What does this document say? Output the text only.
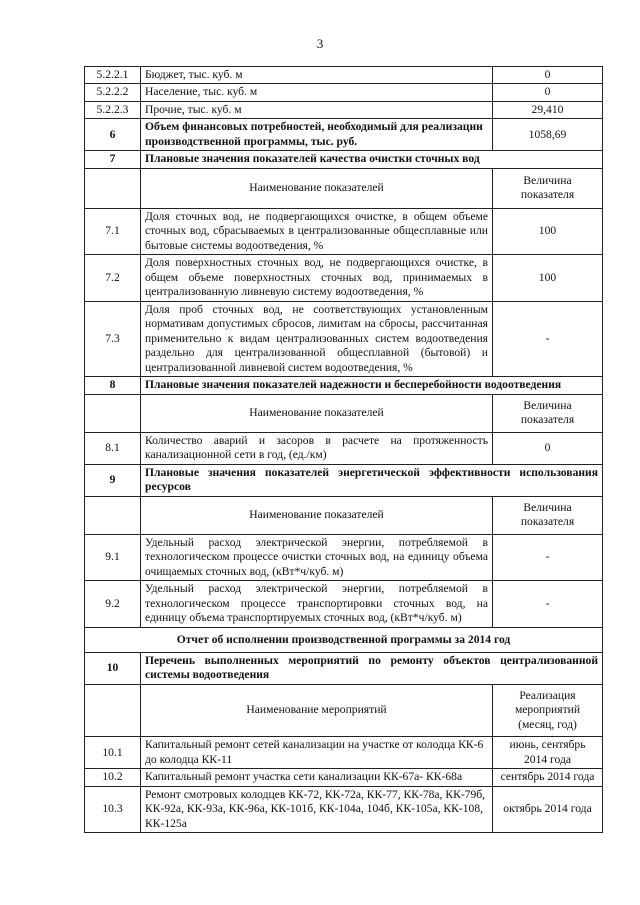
3
5.2.2.1	Бюджет, тыс. куб. м	0
5.2.2.2	Население, тыс. куб. м	0
5.2.2.3	Прочие, тыс. куб. м	29,410
6	Объем финансовых потребностей, необходимый для реализации производственной программы, тыс. руб.	1058,69
7	Плановые значения показателей качества очистки сточных вод	
	Наименование показателей	Величина показателя
7.1	Доля сточных вод, не подвергающихся очистке, в общем объеме сточных вод, сбрасываемых в централизованные общесплавные или бытовые системы водоотведения, %	100
7.2	Доля поверхностных сточных вод, не подвергающихся очистке, в общем объеме поверхностных сточных вод, принимаемых в централизованную ливневую систему водоотведения, %	100
7.3	Доля проб сточных вод, не соответствующих установленным нормативам допустимых сбросов, лимитам на сбросы, рассчитанная применительно к видам централизованных систем водоотведения раздельно для централизованной общесплавной (бытовой) и централизованной ливневой систем водоотведения, %	-
8	Плановые значения показателей надежности и бесперебойности водоотведения	
	Наименование показателей	Величина показателя
8.1	Количество аварий и засоров в расчете на протяженность канализационной сети в год, (ед./км)	0
9	Плановые значения показателей энергетической эффективности использования ресурсов	
	Наименование показателей	Величина показателя
9.1	Удельный расход электрической энергии, потребляемой в технологическом процессе очистки сточных вод, на единицу объема очищаемых сточных вод, (кВт*ч/куб. м)	-
9.2	Удельный расход электрической энергии, потребляемой в технологическом процессе транспортировки сточных вод, на единицу объема транспортируемых сточных вод, (кВт*ч/куб. м)	-
Отчет об исполнении производственной программы за 2014 год		
10	Перечень выполненных мероприятий по ремонту объектов централизованной системы водоотведения	
	Наименование мероприятий	Реализация мероприятий (месяц, год)
10.1	Капитальный ремонт сетей канализации на участке от колодца КК-6 до колодца КК-11	июнь, сентябрь 2014 года
10.2	Капитальный ремонт участка сети канализации КК-67а- КК-68а	сентябрь 2014 года
10.3	Ремонт смотровых колодцев КК-72, КК-72а, КК-77, КК-78а, КК-79б, КК-92а, КК-93а, КК-96а, КК-101б, КК-104а, 104б, КК-105а, КК-108, КК-125а	октябрь 2014 года
